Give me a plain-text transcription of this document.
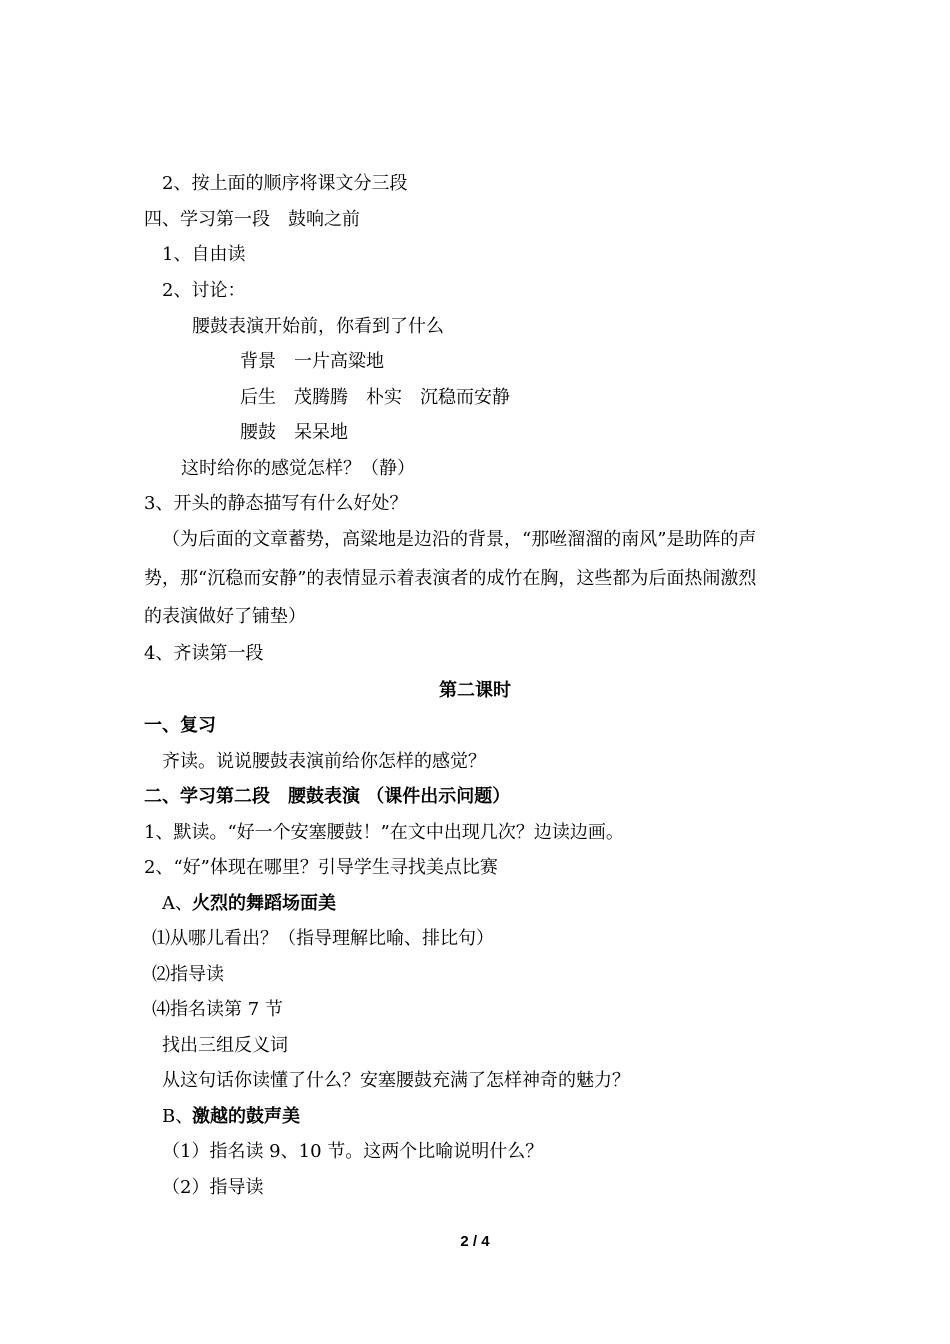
2、按上面的顺序将课文分三段
四、学习第一段　鼓响之前
1、自由读
2、讨论：
腰鼓表演开始前，你看到了什么
背景　一片高粱地
后生　茂腾腾　朴实　沉稳而安静
腰鼓　呆呆地
这时给你的感觉怎样？（静）
3、开头的静态描写有什么好处？
（为后面的文章蓄势，高粱地是边沿的背景，“那咝溜溜的南风”是助阵的声
势，那“沉稳而安静”的表情显示着表演者的成竹在胸，这些都为后面热闹激烈
的表演做好了铺垫）
4、齐读第一段
第二课时
一、复习
齐读。说说腰鼓表演前给你怎样的感觉？
二、学习第二段　腰鼓表演 （课件出示问题）
1、默读。“好一个安塞腰鼓！”在文中出现几次？边读边画。
2、“好”体现在哪里？引导学生寻找美点比赛
A、 火烈的舞蹈场面美
⑴从哪儿看出？（指导理解比喻、排比句）
⑵指导读
⑷指名读第 7 节
找出三组反义词
从这句话你读懂了什么？安塞腰鼓充满了怎样神奇的魅力？
B、
激越的鼓声美
（1）指名读 9、10 节。这两个比喻说明什么？
（2）指导读
2 / 4
